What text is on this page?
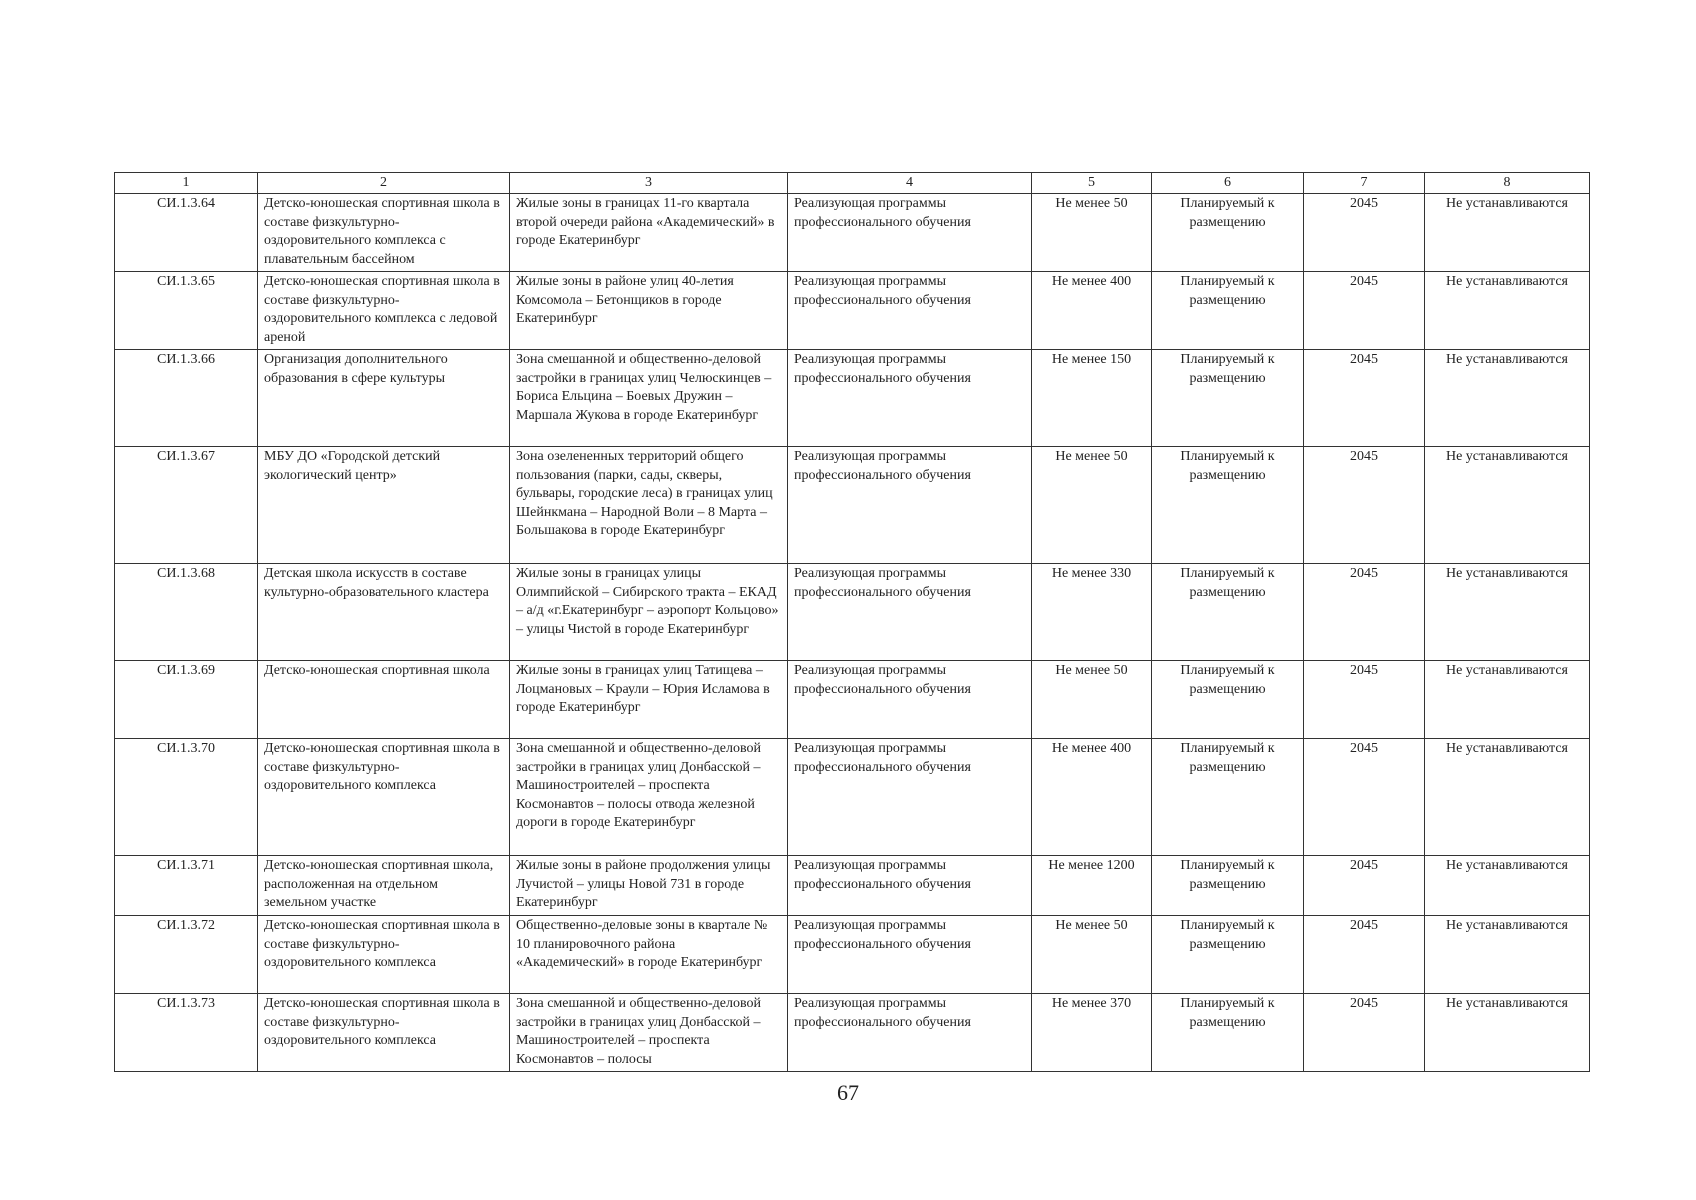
1	2	3	4	5	6	7	8
СИ.1.3.64	Детско-юношеская спортивная школа в составе физкультурно-оздоровительного комплекса с плавательным бассейном	Жилые зоны в границах 11-го квартала второй очереди района «Академический» в городе Екатеринбург	Реализующая программы профессионального обучения	Не менее 50	Планируемый к размещению	2045	Не устанавливаются
СИ.1.3.65	Детско-юношеская спортивная школа в составе физкультурно-оздоровительного комплекса с ледовой ареной	Жилые зоны в районе улиц 40-летия Комсомола – Бетонщиков в городе Екатеринбург	Реализующая программы профессионального обучения	Не менее 400	Планируемый к размещению	2045	Не устанавливаются
СИ.1.3.66	Организация дополнительного образования в сфере культуры	Зона смешанной и общественно-деловой застройки в границах улиц Челюскинцев – Бориса Ельцина – Боевых Дружин – Маршала Жукова в городе Екатеринбург	Реализующая программы профессионального обучения	Не менее 150	Планируемый к размещению	2045	Не устанавливаются
СИ.1.3.67	МБУ ДО «Городской детский экологический центр»	Зона озелененных территорий общего пользования (парки, сады, скверы, бульвары, городские леса) в границах улиц Шейнкмана – Народной Воли – 8 Марта – Большакова в городе Екатеринбург	Реализующая программы профессионального обучения	Не менее 50	Планируемый к размещению	2045	Не устанавливаются
СИ.1.3.68	Детская школа искусств в составе культурно-образовательного кластера	Жилые зоны в границах улицы Олимпийской – Сибирского тракта – ЕКАД – а/д «г.Екатеринбург – аэропорт Кольцово» – улицы Чистой в городе Екатеринбург	Реализующая программы профессионального обучения	Не менее 330	Планируемый к размещению	2045	Не устанавливаются
СИ.1.3.69	Детско-юношеская спортивная школа	Жилые зоны в границах улиц Татищева – Лоцмановых – Краули – Юрия Исламова в городе Екатеринбург	Реализующая программы профессионального обучения	Не менее 50	Планируемый к размещению	2045	Не устанавливаются
СИ.1.3.70	Детско-юношеская спортивная школа в составе физкультурно-оздоровительного комплекса	Зона смешанной и общественно-деловой застройки в границах улиц Донбасской – Машиностроителей – проспекта Космонавтов – полосы отвода железной дороги в городе Екатеринбург	Реализующая программы профессионального обучения	Не менее 400	Планируемый к размещению	2045	Не устанавливаются
СИ.1.3.71	Детско-юношеская спортивная школа, расположенная на отдельном земельном участке	Жилые зоны в районе продолжения улицы Лучистой – улицы Новой 731 в городе Екатеринбург	Реализующая программы профессионального обучения	Не менее 1200	Планируемый к размещению	2045	Не устанавливаются
СИ.1.3.72	Детско-юношеская спортивная школа в составе физкультурно-оздоровительного комплекса	Общественно-деловые зоны в квартале № 10 планировочного района «Академический» в городе Екатеринбург	Реализующая программы профессионального обучения	Не менее 50	Планируемый к размещению	2045	Не устанавливаются
СИ.1.3.73	Детско-юношеская спортивная школа в составе физкультурно-оздоровительного комплекса	Зона смешанной и общественно-деловой застройки в границах улиц Донбасской – Машиностроителей – проспекта Космонавтов – полосы	Реализующая программы профессионального обучения	Не менее 370	Планируемый к размещению	2045	Не устанавливаются
67
